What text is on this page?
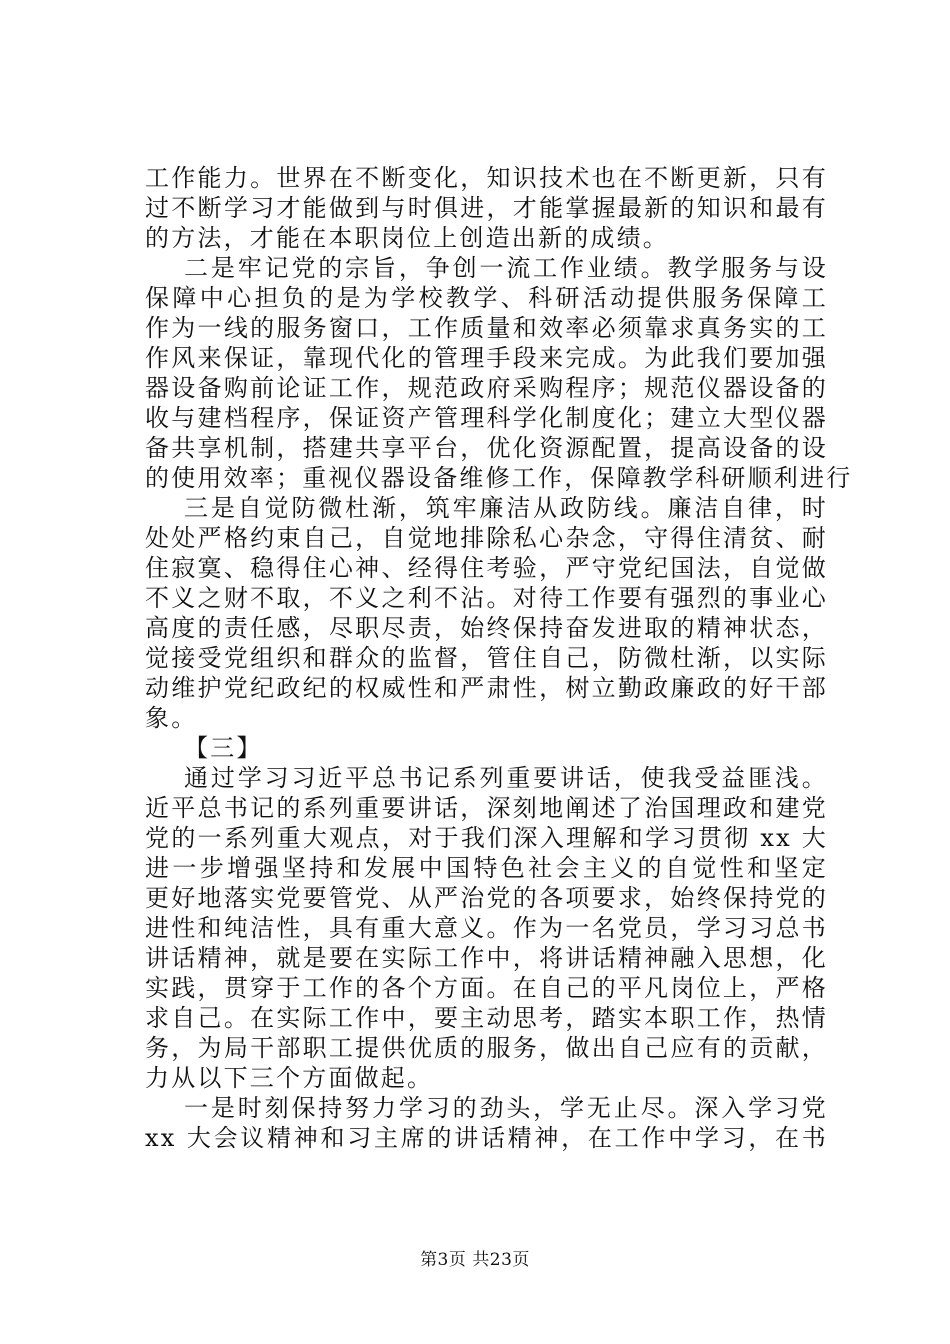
工作能力。世界在不断变化，知识技术也在不断更新，只有
过不断学习才能做到与时俱进，才能掌握最新的知识和最有
的方法，才能在本职岗位上创造出新的成绩。
二是牢记党的宗旨，争创一流工作业绩。教学服务与设
保障中心担负的是为学校教学、科研活动提供服务保障工
作为一线的服务窗口，工作质量和效率必须靠求真务实的工
作风来保证，靠现代化的管理手段来完成。为此我们要加强
器设备购前论证工作，规范政府采购程序；规范仪器设备的
收与建档程序，保证资产管理科学化制度化；建立大型仪器
备共享机制，搭建共享平台，优化资源配置，提高设备的设
的使用效率；重视仪器设备维修工作，保障教学科研顺利进行
三是自觉防微杜渐，筑牢廉洁从政防线。廉洁自律，时
处处严格约束自己，自觉地排除私心杂念，守得住清贫、耐
住寂寞、稳得住心神、经得住考验，严守党纪国法，自觉做
不义之财不取，不义之利不沾。对待工作要有强烈的事业心
高度的责任感，尽职尽责，始终保持奋发进取的精神状态，
觉接受党组织和群众的监督，管住自己，防微杜渐，以实际
动维护党纪政纪的权威性和严肃性，树立勤政廉政的好干部
象。
【三】
通过学习习近平总书记系列重要讲话，使我受益匪浅。
近平总书记的系列重要讲话，深刻地阐述了治国理政和建党
党的一系列重大观点，对于我们深入理解和学习贯彻 xx 大
进一步增强坚持和发展中国特色社会主义的自觉性和坚定
更好地落实党要管党、从严治党的各项要求，始终保持党的
进性和纯洁性，具有重大意义。作为一名党员，学习习总书
讲话精神，就是要在实际工作中，将讲话精神融入思想，化
实践，贯穿于工作的各个方面。在自己的平凡岗位上，严格
求自己。在实际工作中，要主动思考，踏实本职工作，热情
务，为局干部职工提供优质的服务，做出自己应有的贡献，
力从以下三个方面做起。
一是时刻保持努力学习的劲头，学无止尽。深入学习党
xx 大会议精神和习主席的讲话精神，在工作中学习，在书
第3页 共23页
